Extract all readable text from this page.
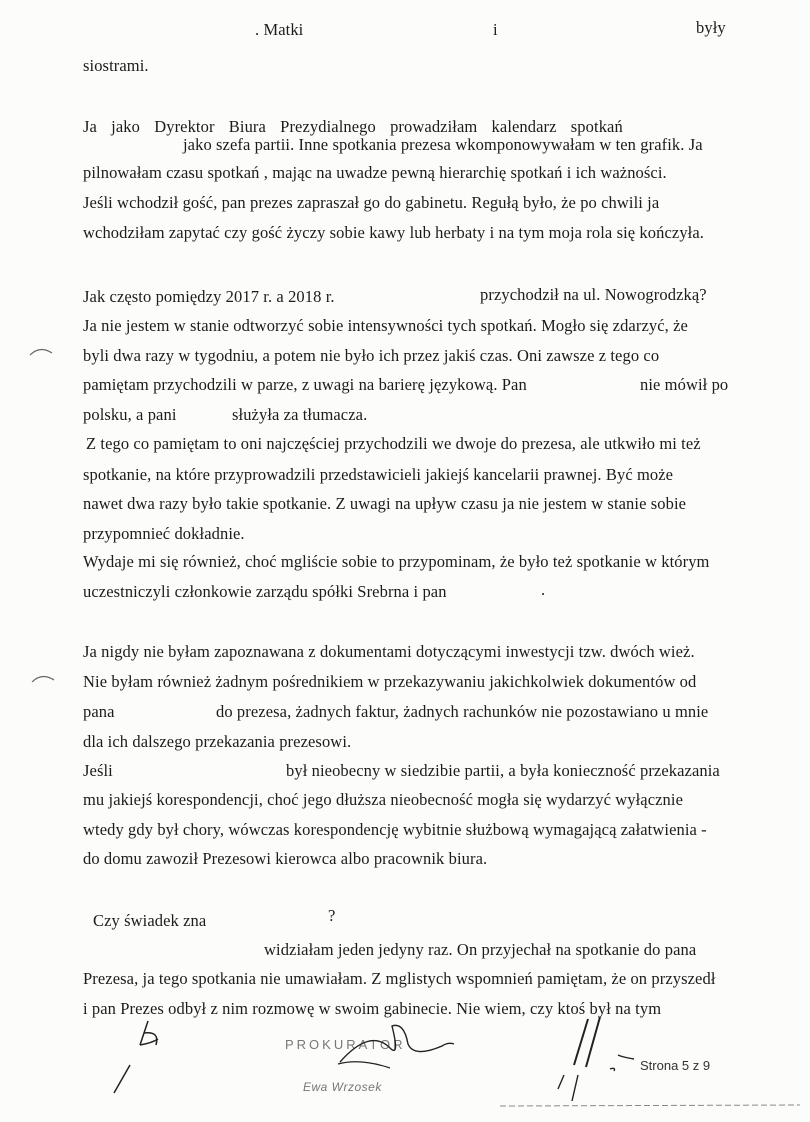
. Matki	i	były
siostrami.
Ja jako Dyrektor Biura Prezydialnego prowadziłam kalendarz spotkań
jako szefa partii. Inne spotkania prezesa wkomponowywałam w ten grafik. Ja
pilnowałam czasu spotkań , mając na uwadze pewną hierarchię spotkań i ich ważności.
Jeśli wchodził gość, pan prezes zapraszał go do gabinetu. Regułą było, że po chwili ja
wchodziłam zapytać czy gość życzy sobie kawy lub herbaty i na tym moja rola się kończyła.
Jak często pomiędzy 2017 r. a 2018 r.	przychodził na ul. Nowogrodzką?
Ja nie jestem w stanie odtworzyć sobie intensywności tych spotkań. Mogło się zdarzyć, że
byli dwa razy w tygodniu, a potem nie było ich przez jakiś czas. Oni zawsze z tego co
pamiętam przychodzili w parze, z uwagi na barierę językową. Pan	nie mówił po
polsku, a pani	służyła za tłumacza.
Z tego co pamiętam to oni najczęściej przychodzili we dwoje do prezesa, ale utkwiło mi też
spotkanie, na które przyprowadzili przedstawicieli jakiejś kancelarii prawnej. Być może
nawet dwa razy było takie spotkanie. Z uwagi na upływ czasu ja nie jestem w stanie sobie
przypomnieć dokładnie.
Wydaje mi się również, choć mgliście sobie to przypominam, że było też spotkanie w którym
uczestniczyli członkowie zarządu spółki Srebrna i pan	.
Ja nigdy nie byłam zapoznawana z dokumentami dotyczącymi inwestycji tzw. dwóch wież.
Nie byłam również żadnym pośrednikiem w przekazywaniu jakichkolwiek dokumentów od
pana	do prezesa, żadnych faktur, żadnych rachunków nie pozostawiano u mnie
dla ich dalszego przekazania prezesowi.
Jeśli	był nieobecny w siedzibie partii, a była konieczność przekazania
mu jakiejś korespondencji, choć jego dłuższa nieobecność mogła się wydarzyć wyłącznie
wtedy gdy był chory, wówczas korespondencję wybitnie służbową wymagającą załatwienia -
do domu zawoził Prezesowi kierowca albo pracownik biura.
Czy świadek zna	?
widziałam jeden jedyny raz. On przyjechał na spotkanie do pana
Prezesa, ja tego spotkania nie umawiałam. Z mglistych wspomnień pamiętam, że on przyszedł
i pan Prezes odbył z nim rozmowę w swoim gabinecie. Nie wiem, czy ktoś był na tym
PROKURATOR
Ewa Wrzosek
Strona 5 z 9
